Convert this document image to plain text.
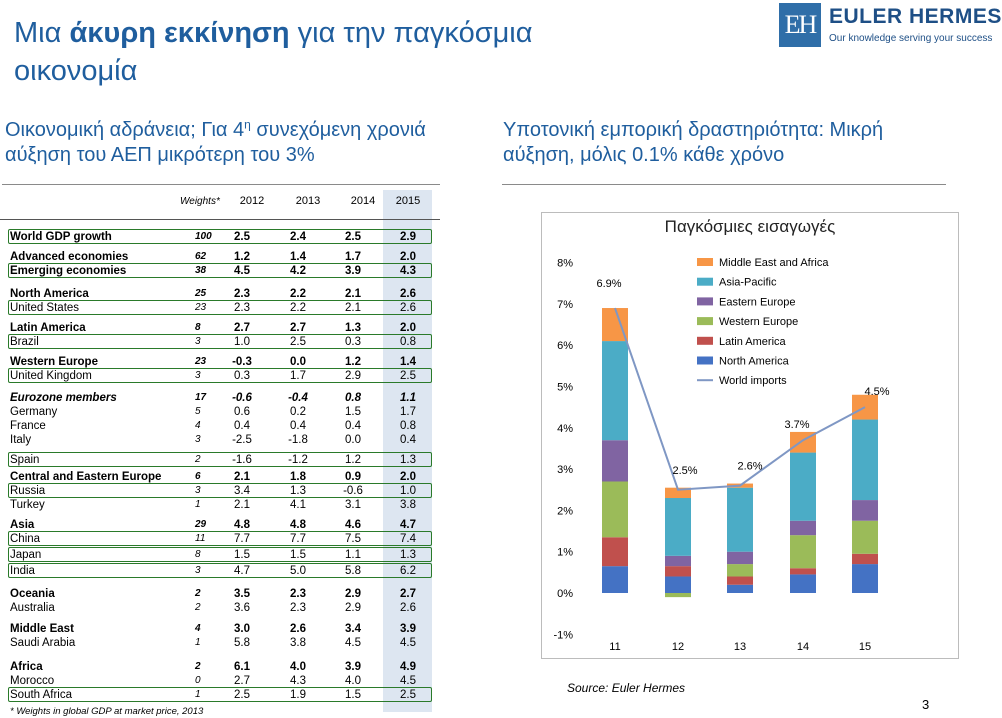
Μια άκυρη εκκίνηση για την παγκόσμια
οικονομία
EH EULER HERMES
Our knowledge serving your success
Οικονομική αδράνεια; Για $4^\eta$ συνεχόμενη χρονιά
αύξηση του ΑΕΠ μικρότερη του 3%
Υποτονική εμπορική δραστηριότητα: Μικρή
αύξηση, μόλις 0.1% κάθε χρόνο
Weights*	2012	2013	2014	2015
World GDP growth	100	2.5	2.4	2.5	2.9
Advanced economies	62	1.2	1.4	1.7	2.0
Emerging economies	38	4.5	4.2	3.9	4.3
North America	25	2.3	2.2	2.1	2.6
United States	23	2.3	2.2	2.1	2.6
Latin America	8	2.7	2.7	1.3	2.0
Brazil	3	1.0	2.5	0.3	0.8
Western Europe	23	-0.3	0.0	1.2	1.4
United Kingdom	3	0.3	1.7	2.9	2.5
Eurozone members	17	-0.6	-0.4	0.8	1.1
Germany	5	0.6	0.2	1.5	1.7
France	4	0.4	0.4	0.4	0.8
Italy	3	-2.5	-1.8	0.0	0.4
Spain	2	-1.6	-1.2	1.2	1.3
Central and Eastern Europe	6	2.1	1.8	0.9	2.0
Russia	3	3.4	1.3	-0.6	1.0
Turkey	1	2.1	4.1	3.1	3.8
Asia	29	4.8	4.8	4.6	4.7
China	11	7.7	7.7	7.5	7.4
Japan	8	1.5	1.5	1.1	1.3
India	3	4.7	5.0	5.8	6.2
Oceania	2	3.5	2.3	2.9	2.7
Australia	2	3.6	2.3	2.9	2.6
Middle East	4	3.0	2.6	3.4	3.9
Saudi Arabia	1	5.8	3.8	4.5	4.5
Africa	2	6.1	4.0	3.9	4.9
Morocco	0	2.7	4.3	4.0	4.5
South Africa	1	2.5	1.9	1.5	2.5
* Weights in global GDP at market price, 2013
Παγκόσμιες εισαγωγές
-1%
0%
1%
2%
3%
4%
5%
6%
7%
8%
11	12	13	14	15
6.9%
2.5%	2.6%
3.7%
4.5%
Middle East and Africa
Asia-Pacific
Eastern Europe
Western Europe
Latin America
North America
World imports
Source: Euler Hermes
3
